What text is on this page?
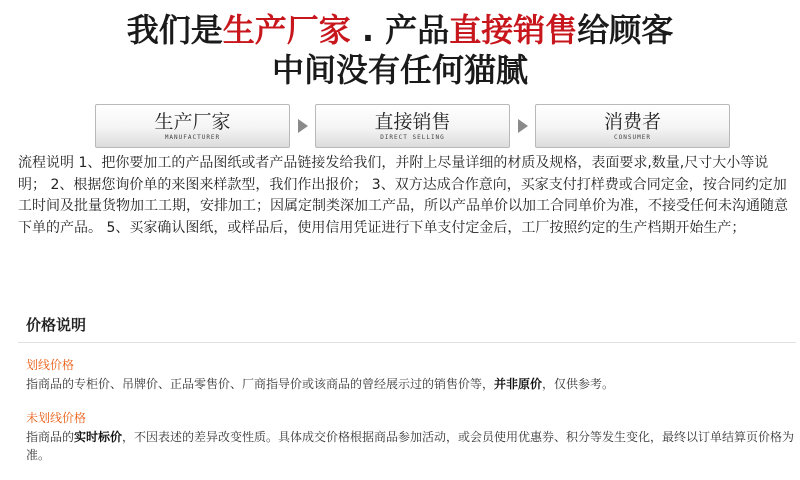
我们是生产厂家 . 产品直接销售给顾客
中间没有任何猫腻
生产厂家
MANUFACTURER
直接销售
DIRECT SELLING
消费者
CONSUMER

流程说明 1、把你要加工的产品图纸或者产品链接发给我们，并附上尽量详细的材质及规格，表面要求,数量,尺寸大小等说明； 2、根据您询价单的来图来样款型，我们作出报价； 3、双方达成合作意向，买家支付打样费或合同定金，按合同约定加工时间及批量货物加工工期，安排加工；因属定制类深加工产品，所以产品单价以加工合同单价为准，不接受任何未沟通随意下单的产品。 5、买家确认图纸，或样品后，使用信用凭证进行下单支付定金后，工厂按照约定的生产档期开始生产；

价格说明
划线价格

指商品的专柜价、吊牌价、正品零售价、厂商指导价或该商品的曾经展示过的销售价等，并非原价，仅供参考。

未划线价格

指商品的实时标价，不因表述的差异改变性质。具体成交价格根据商品参加活动，或会员使用优惠券、积分等发生变化，最终以订单结算页价格为准。
